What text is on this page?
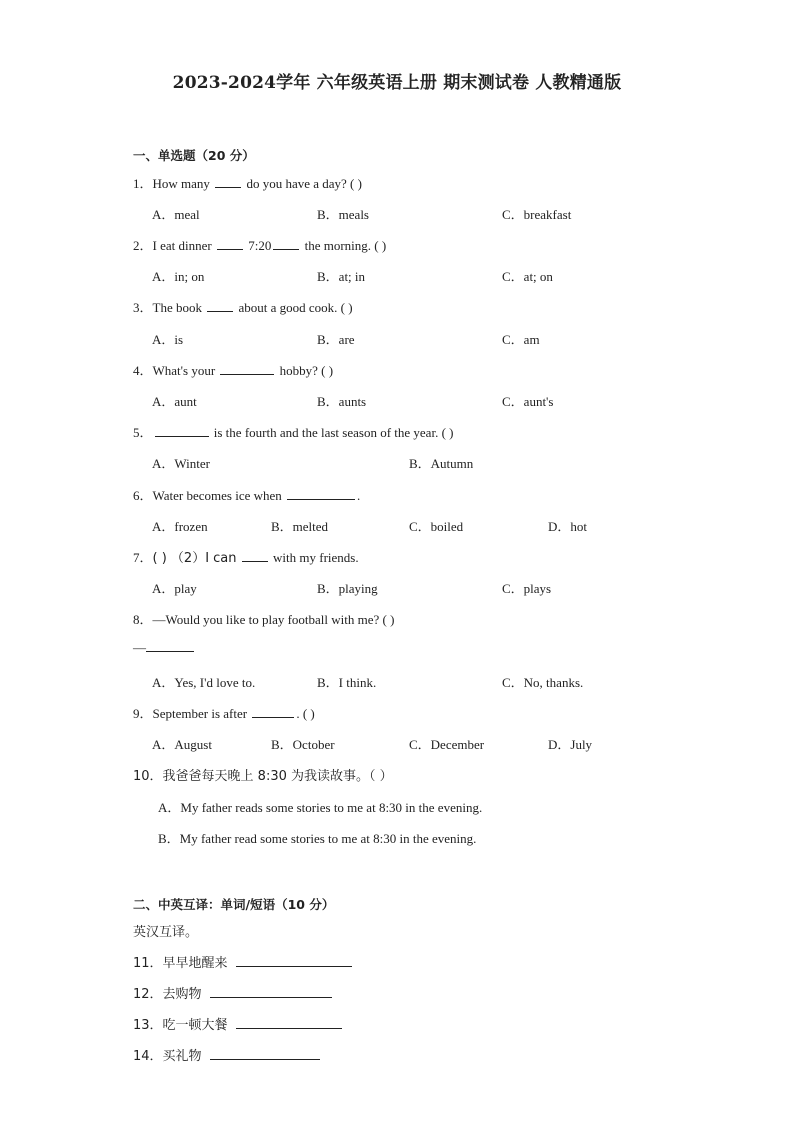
2023-2024学年 六年级英语上册 期末测试卷 人教精通版
一、单选题（20 分）
1．How many	do you have a day? ( )
A．meal	B．meals	C．breakfast
2．I eat dinner	7:20	the morning. ( )
A．in; on	B．at; in	C．at; on
3．The book	about a good cook. ( )
A．is	B．are	C．am
4．What's your	hobby? ( )
A．aunt	B．aunts	C．aunt's
5．	is the fourth and the last season of the year. ( )
A．Winter	B．Autumn
6．Water becomes ice when	.
A．frozen	B．melted	C．boiled	D．hot
7．( ) （2）I can	with my friends.
A．play	B．playing	C．plays
8．—Would you like to play football with me? ( )
—
A．Yes, I'd love to.	B．I think.	C．No, thanks.
9．September is after	. ( )
A．August	B．October	C．December	D．July
10．我爸爸每天晚上 8:30 为我读故事。（ ）
A．My father reads some stories to me at 8:30 in the evening.
B．My father read some stories to me at 8:30 in the evening.
二、中英互译：单词/短语（10 分）
英汉互译。
11．早早地醒来
12．去购物
13．吃一顿大餐
14．买礼物
